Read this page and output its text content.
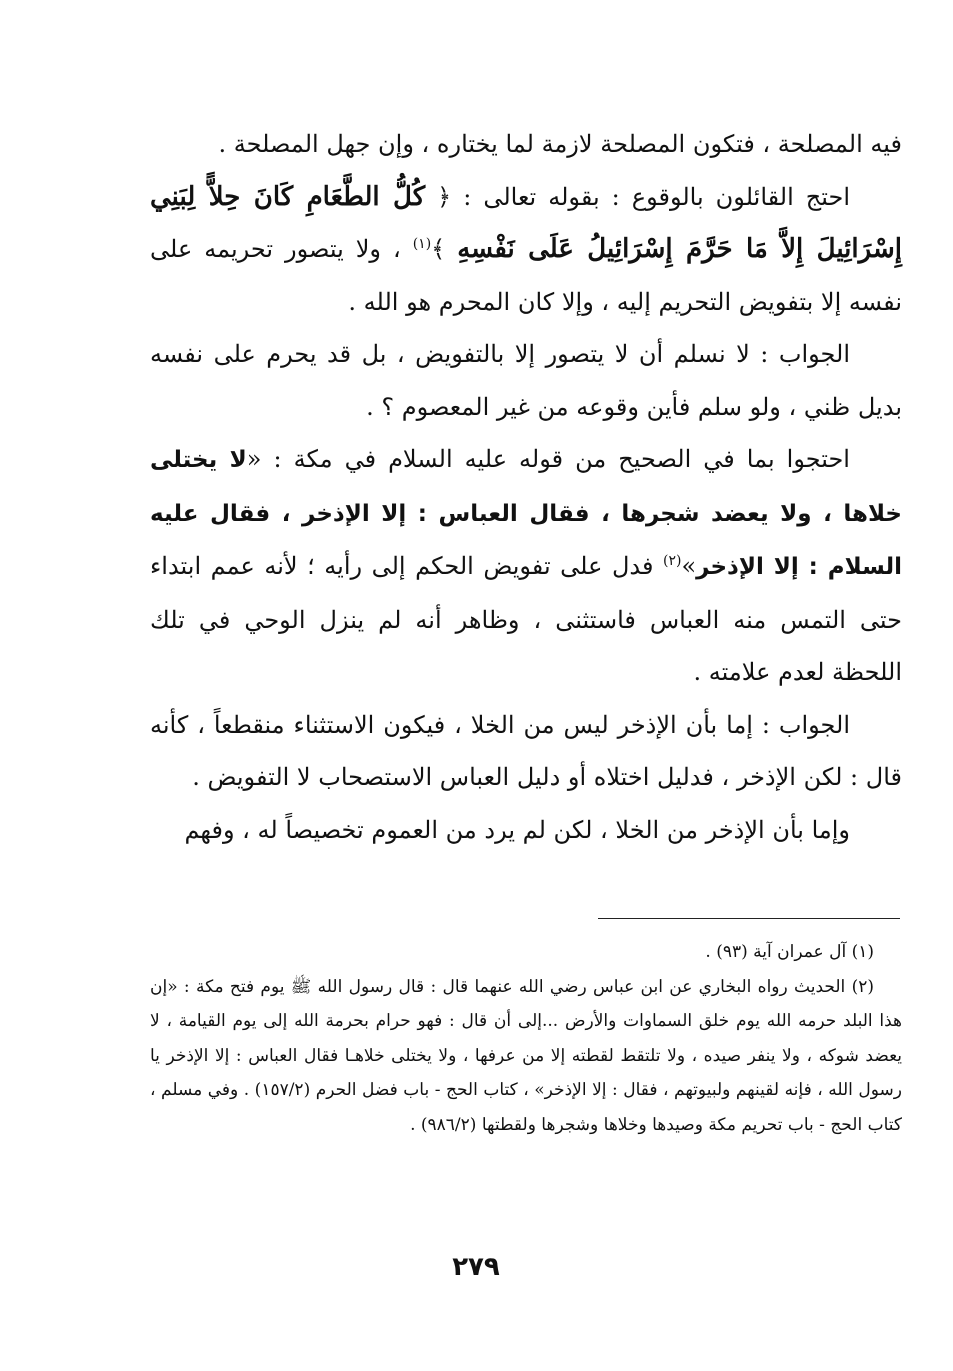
فيه المصلحة ، فتكون المصلحة لازمة لما يختاره ، وإن جهل المصلحة .

احتج القائلون بالوقوع : بقوله تعالى : ﴿ كُلُّ الطَّعَامِ كَانَ حِلاًّ لِبَنِي إِسْرَائِيلَ إِلاَّ مَا حَرَّمَ إِسْرَائِيلُ عَلَى نَفْسِهِ ﴾$^{(١)}$ ، ولا يتصور تحريمه على نفسه إلا بتفويض التحريم إليه ، وإلا كان المحرم هو الله .

الجواب : لا نسلم أن لا يتصور إلا بالتفويض ، بل قد يحرم على نفسه بديل ظني ، ولو سلم فأين وقوعه من غير المعصوم ؟ .

احتجوا بما في الصحيح من قوله عليه السلام في مكة : «لا يختلى خلاها ، ولا يعضد شجرها ، فقال العباس : إلا الإذخر ، فقال عليه السلام : إلا الإذخر»$^{(٢)}$ فدل على تفويض الحكم إلى رأيه ؛ لأنه عمم ابتداء حتى التمس منه العباس فاستثنى ، وظاهر أنه لم ينزل الوحي في تلك اللحظة لعدم علامته .

الجواب : إما بأن الإذخر ليس من الخلا ، فيكون الاستثناء منقطعاً ، كأنه قال : لكن الإذخر ، فدليل اختلاه أو دليل العباس الاستصحاب لا التفويض .

وإما بأن الإذخر من الخلا ، لكن لم يرد من العموم تخصيصاً له ، وفهم

(١) آل عمران آية (٩٣) .

(٢) الحديث رواه البخاري عن ابن عباس رضي الله عنهما قال : قال رسول الله ﷺ يوم فتح مكة : «إن هذا البلد حرمه الله يوم خلق السماوات والأرض ...إلى أن قال : فهو حرام بحرمة الله إلى يوم القيامة ، لا يعضد شوكه ، ولا ينفر صيده ، ولا تلتقط لقطته إلا من عرفها ، ولا يختلى خلاهـا فقال العباس : إلا الإذخر يا رسول الله ، فإنه لقينهم ولبيوتهم ، فقال : إلا الإذخر» ، كتاب الحج - باب فضل الحرم (١٥٧/٢) . وفي مسلم ، كتاب الحج - باب تحريم مكة وصيدها وخلاها وشجرها ولقطتها (٩٨٦/٢) .

٢٧٩
